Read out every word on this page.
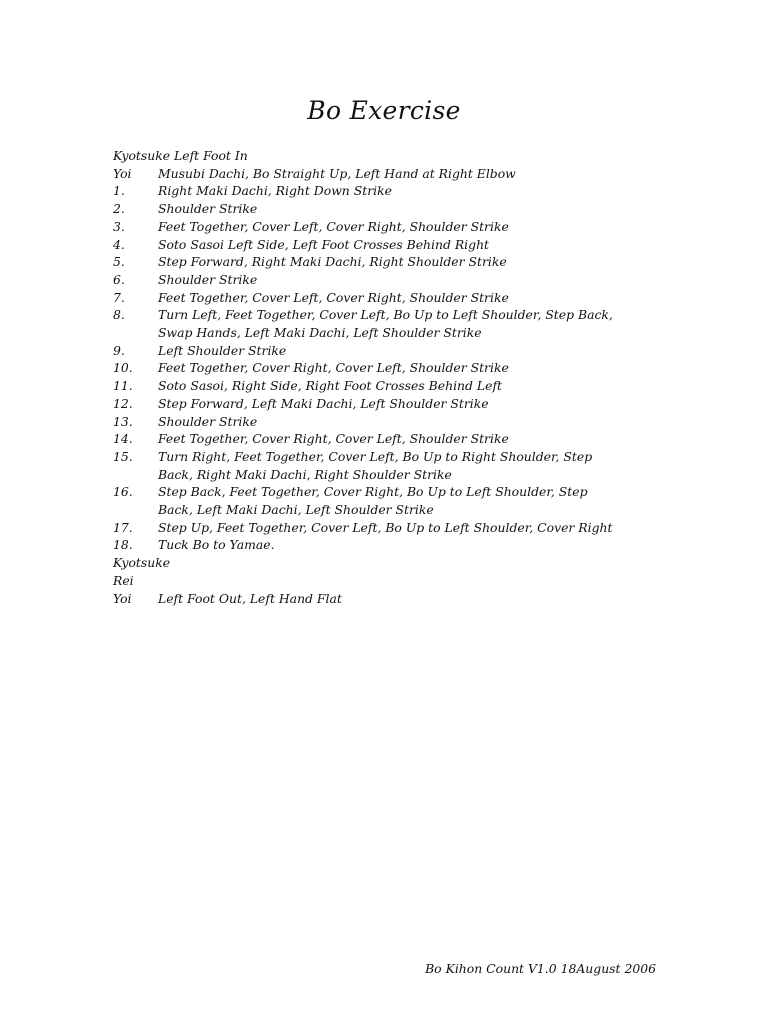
Bo Exercise
Kyotsuke Left Foot In
Yoi	Musubi Dachi, Bo Straight Up, Left Hand at Right Elbow
1.	Right Maki Dachi, Right Down Strike
2.	Shoulder Strike
3.	Feet Together, Cover Left, Cover Right, Shoulder Strike
4.	Soto Sasoi Left Side, Left Foot Crosses Behind Right
5.	Step Forward, Right Maki Dachi, Right Shoulder Strike
6.	Shoulder Strike
7.	Feet Together, Cover Left, Cover Right, Shoulder Strike
8.	Turn Left, Feet Together, Cover Left, Bo Up to Left Shoulder, Step Back,
Swap Hands, Left Maki Dachi, Left Shoulder Strike
9.	Left Shoulder Strike
10.	Feet Together, Cover Right, Cover Left, Shoulder Strike
11.	Soto Sasoi, Right Side, Right Foot Crosses Behind Left
12.	Step Forward, Left Maki Dachi, Left Shoulder Strike
13.	Shoulder Strike
14.	Feet Together, Cover Right, Cover Left, Shoulder Strike
15.	Turn Right, Feet Together, Cover Left, Bo Up to Right Shoulder, Step
Back, Right Maki Dachi, Right Shoulder Strike
16.	Step Back, Feet Together, Cover Right, Bo Up to Left Shoulder, Step
Back, Left Maki Dachi, Left Shoulder Strike
17.	Step Up, Feet Together, Cover Left, Bo Up to Left Shoulder, Cover Right
18.	Tuck Bo to Yamae.
Kyotsuke
Rei
Yoi	Left Foot Out, Left Hand Flat
Bo Kihon Count V1.0 18August 2006
